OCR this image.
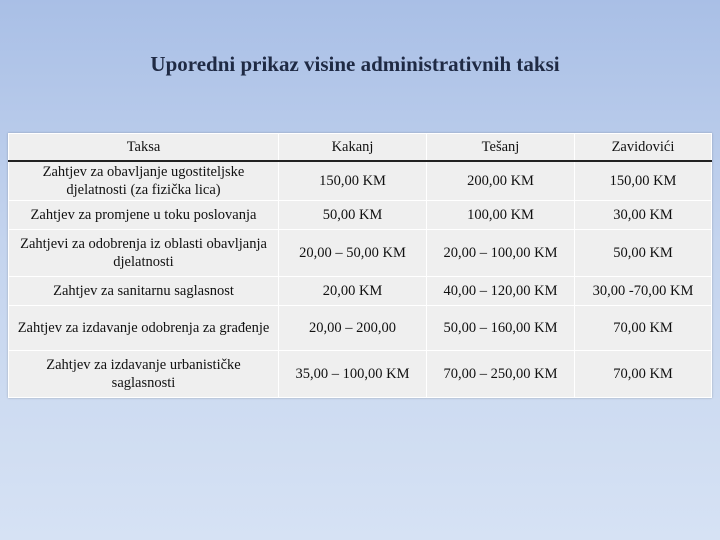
Uporedni prikaz visine administrativnih taksi
Taksa	Kakanj	Tešanj	Zavidovići
Zahtjev za obavljanje ugostiteljske djelatnosti (za fizička lica)	150,00 KM	200,00 KM	150,00 KM
Zahtjev za promjene u toku poslovanja	50,00 KM	100,00 KM	30,00 KM
Zahtjevi za odobrenja iz oblasti obavljanja djelatnosti	20,00 – 50,00 KM	20,00 – 100,00 KM	50,00 KM
Zahtjev za sanitarnu saglasnost	20,00 KM	40,00 – 120,00 KM	30,00 -70,00 KM
Zahtjev za izdavanje odobrenja za građenje	20,00 – 200,00	50,00 – 160,00 KM	70,00 KM
Zahtjev za izdavanje urbanističke saglasnosti	35,00 – 100,00 KM	70,00 – 250,00 KM	70,00 KM
